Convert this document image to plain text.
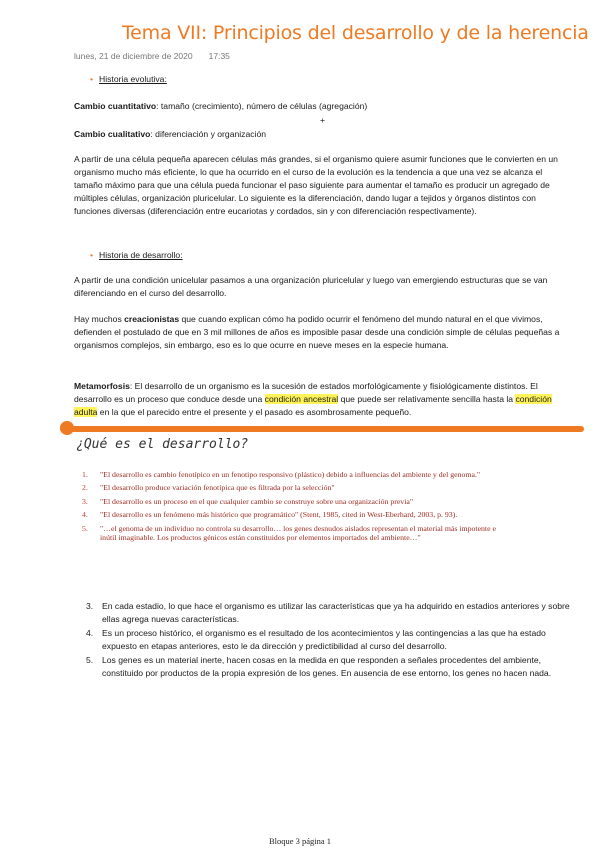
Tema VII: Principios del desarrollo y de la herencia
lunes, 21 de diciembre de 2020 17:35
• Historia evolutiva:
Cambio cuantitativo: tamaño (crecimiento), número de células (agregación)
+
Cambio cualitativo: diferenciación y organización
A partir de una célula pequeña aparecen células más grandes, si el organismo quiere asumir funciones que le convierten en un organismo mucho más eficiente, lo que ha ocurrido en el curso de la evolución es la tendencia a que una vez se alcanza el tamaño máximo para que una célula pueda funcionar el paso siguiente para aumentar el tamaño es producir un agregado de múltiples células, organización pluricelular. Lo siguiente es la diferenciación, dando lugar a tejidos y órganos distintos con funciones diversas (diferenciación entre eucariotas y cordados, sin y con diferenciación respectivamente).
• Historia de desarrollo:
A partir de una condición unicelular pasamos a una organización pluricelular y luego van emergiendo estructuras que se van diferenciando en el curso del desarrollo.
Hay muchos creacionistas que cuando explican cómo ha podido ocurrir el fenómeno del mundo natural en el que vivimos, defienden el postulado de que en 3 mil millones de años es imposible pasar desde una condición simple de células pequeñas a organismos complejos, sin embargo, eso es lo que ocurre en nueve meses en la especie humana.
Metamorfosis: El desarrollo de un organismo es la sucesión de estados morfológicamente y fisiológicamente distintos. El desarrollo es un proceso que conduce desde una condición ancestral que puede ser relativamente sencilla hasta la condición adulta en la que el parecido entre el presente y el pasado es asombrosamente pequeño.
¿Qué es el desarrollo?
1. "El desarrollo es cambio fenotípico en un fenotipo responsivo (plástico) debido a influencias del ambiente y del genoma."
2. "El desarrollo produce variación fenotípica que es filtrada por la selección"
3. "El desarrollo es un proceso en el que cualquier cambio se construye sobre una organización previa"
4. "El desarrollo es un fenómeno más histórico que programático" (Stent, 1985, cited in West-Eberhard, 2003, p. 93).
5. "…el genoma de un individuo no controla su desarrollo… los genes desnudos aislados representan el material más impotente e inútil imaginable. Los productos génicos están constituidos por elementos importados del ambiente…"
3. En cada estadio, lo que hace el organismo es utilizar las características que ya ha adquirido en estadios anteriores y sobre ellas agrega nuevas características.
4. Es un proceso histórico, el organismo es el resultado de los acontecimientos y las contingencias a las que ha estado expuesto en etapas anteriores, esto le da dirección y predictibilidad al curso del desarrollo.
5. Los genes es un material inerte, hacen cosas en la medida en que responden a señales procedentes del ambiente, constituido por productos de la propia expresión de los genes. En ausencia de ese entorno, los genes no hacen nada.
Bloque 3 página 1
